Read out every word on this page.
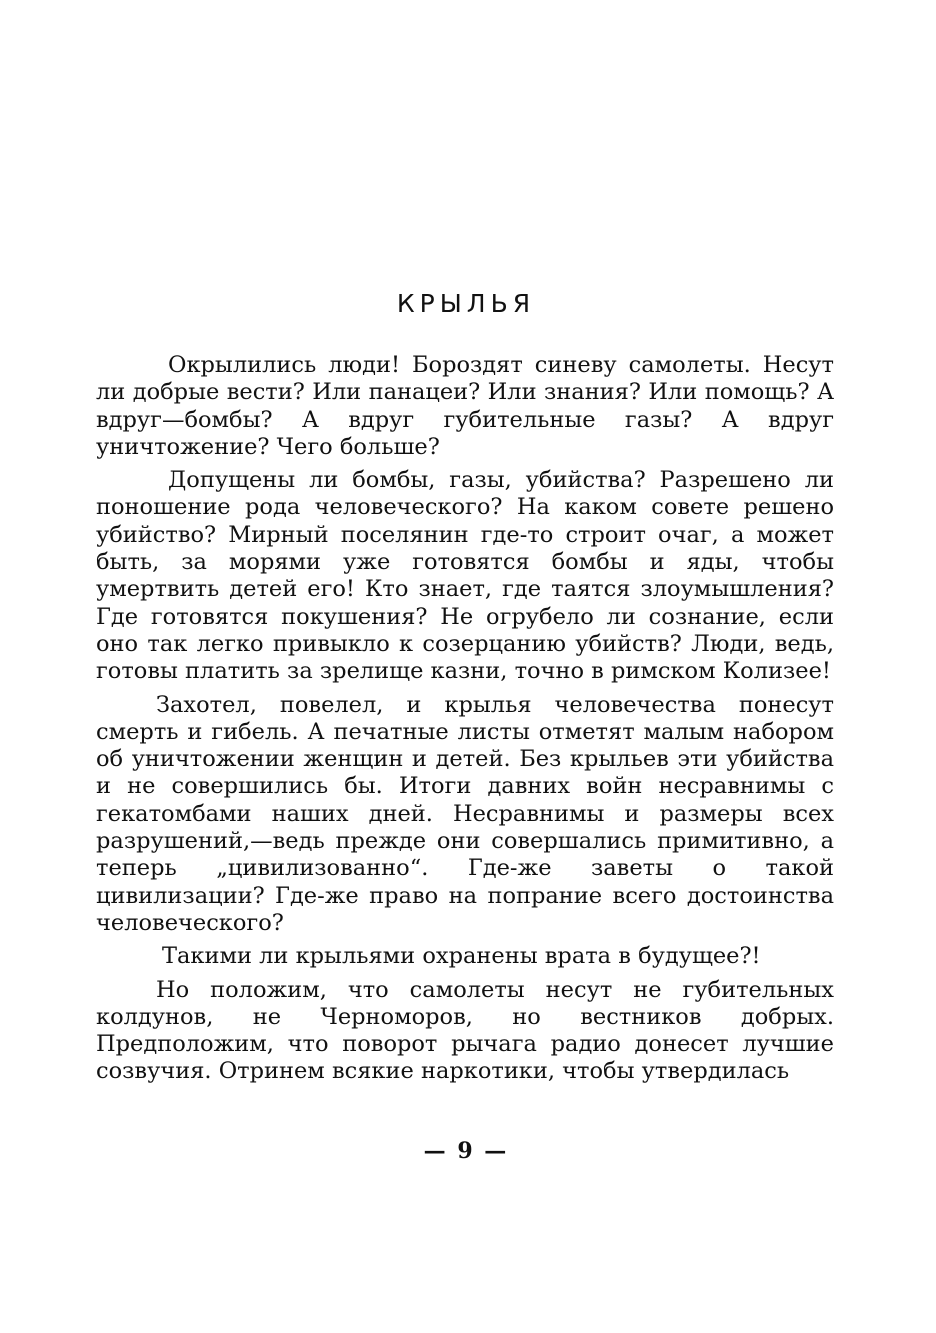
КРЫЛЬЯ

Окрылились люди! Бороздят синеву самолеты. Несут ли добрые вести? Или панацеи? Или знания? Или помощь? А вдруг—бомбы? А вдруг губительные газы? А вдруг уничтожение? Чего больше?

Допущены ли бомбы, газы, убийства? Разрешено ли поношение рода человеческого? На каком совете решено убийство? Мирный поселянин где-то строит очаг, а может быть, за морями уже готовятся бомбы и яды, чтобы умертвить детей его! Кто знает, где таятся злоумышления? Где готовятся покушения? Не огрубело ли сознание, если оно так легко привыкло к созерцанию убийств? Люди, ведь, готовы платить за зрелище казни, точно в римском Колизее!

Захотел, повелел, и крылья человечества понесут смерть и гибель. А печатные листы отметят малым набором об уничтожении женщин и детей. Без крыльев эти убийства и не совершились бы. Итоги давних войн несравнимы с гекатомбами наших дней. Несравнимы и размеры всех разрушений,—ведь прежде они совершались примитивно, а теперь „цивилизованно“. Где-же заветы о такой цивилизации? Где-же право на попрание всего достоинства человеческого?

Такими ли крыльями охранены врата в будущее?!

Но положим, что самолеты несут не губительных колдунов, не Черноморов, но вестников добрых. Предположим, что поворот рычага радио донесет лучшие созвучия. Отринем всякие наркотики, чтобы утвердилась

— 9 —
